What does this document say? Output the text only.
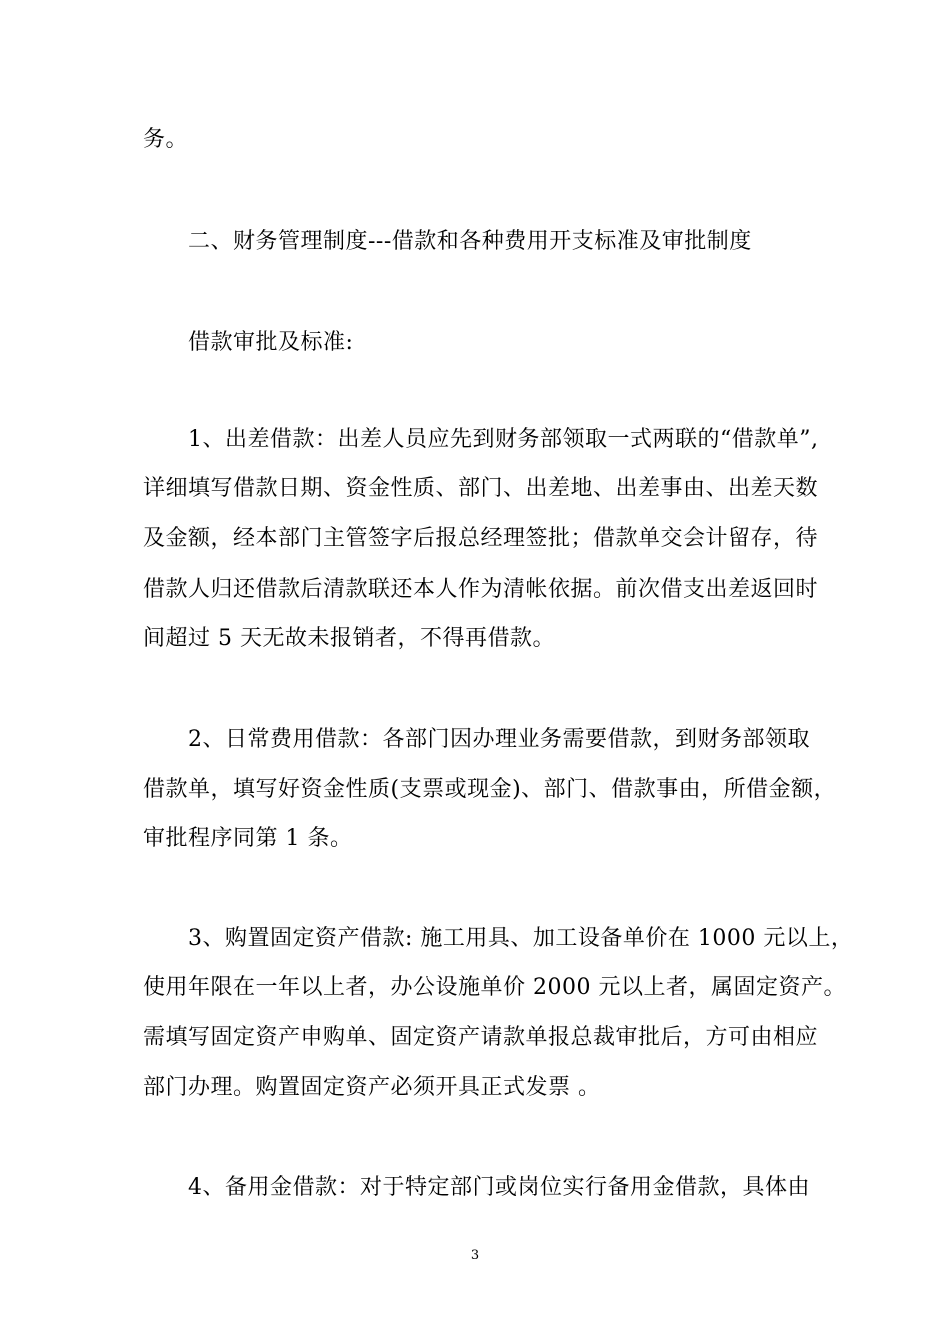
务。
二、财务管理制度---借款和各种费用开支标准及审批制度
借款审批及标准:
1、出差借款：出差人员应先到财务部领取一式两联的“借款单”,
详细填写借款日期、资金性质、部门、出差地、出差事由、出差天数
及金额，经本部门主管签字后报总经理签批；借款单交会计留存，待
借款人归还借款后清款联还本人作为清帐依据。前次借支出差返回时
间超过 5 天无故未报销者，不得再借款。
2、日常费用借款：各部门因办理业务需要借款，到财务部领取
借款单，填写好资金性质(支票或现金)、部门、借款事由，所借金额，
审批程序同第 1 条。
3、购置固定资产借款: 施工用具、加工设备单价在 1000 元以上，
使用年限在一年以上者，办公设施单价 2000 元以上者，属固定资产。
需填写固定资产申购单、固定资产请款单报总裁审批后，方可由相应
部门办理。购置固定资产必须开具正式发票 。
4、备用金借款：对于特定部门或岗位实行备用金借款，具体由
3
